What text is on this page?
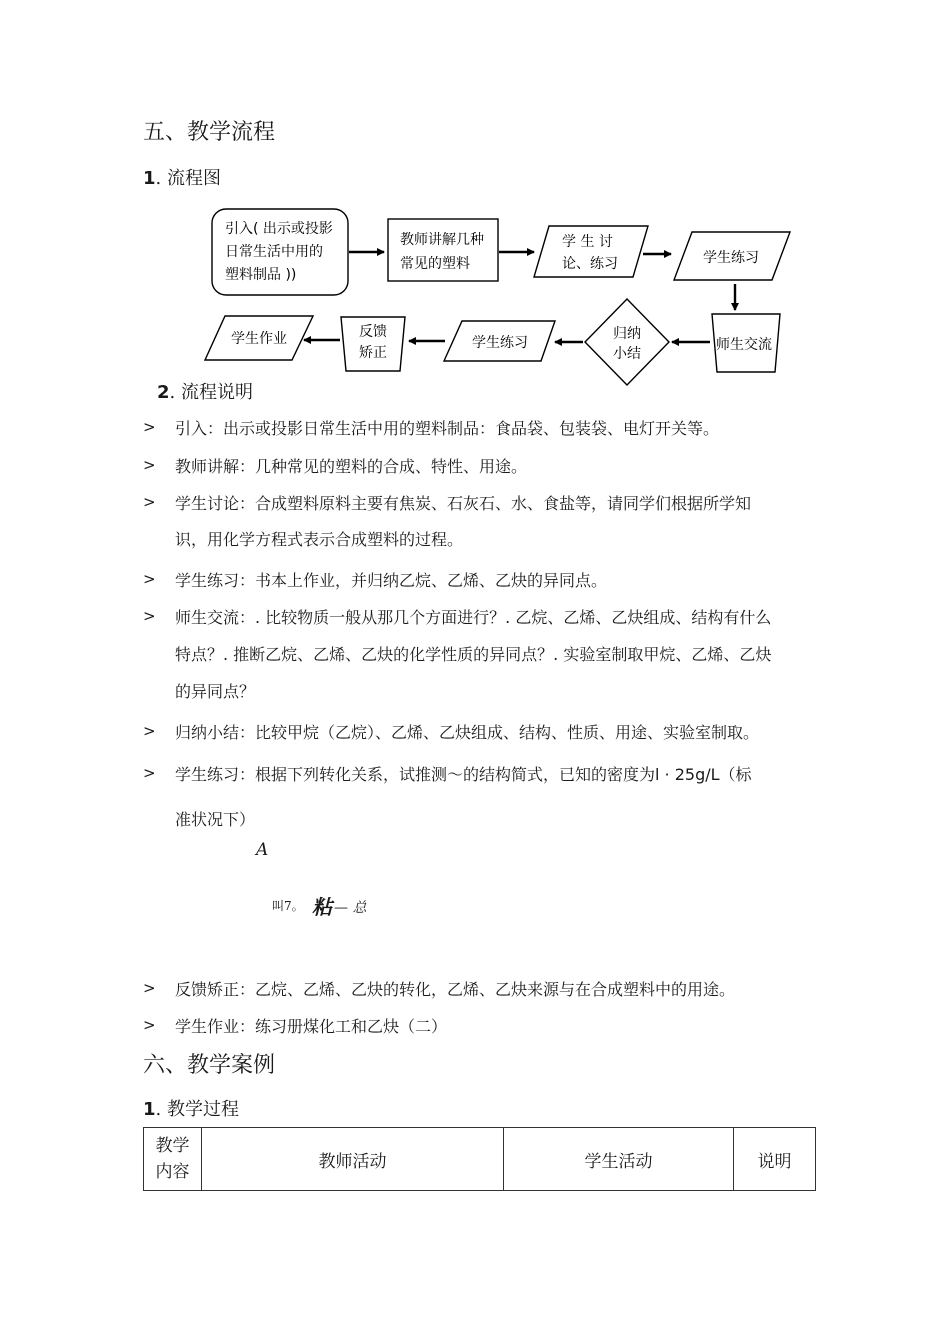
五、教学流程
1. 流程图
引入( 出示或投影
日常生活中用的
塑料制品 ))
教师讲解几种
常见的塑料
学 生 讨
论、练习	学生练习
师生交流
归纳
小结
学生练习
反馈
矫正
学生作业
2. 流程说明
> 引入：出示或投影日常生活中用的塑料制品：食品袋、包装袋、电灯开关等。
> 教师讲解：几种常见的塑料的合成、特性、用途。
> 学生讨论：合成塑料原料主要有焦炭、石灰石、水、食盐等，请同学们根据所学知
识，用化学方程式表示合成塑料的过程。
> 学生练习：书本上作业，并归纳乙烷、乙烯、乙炔的异同点。
> 师生交流：. 比较物质一般从那几个方面进行？. 乙烷、乙烯、乙炔组成、结构有什么
特点？. 推断乙烷、乙烯、乙炔的化学性质的异同点？. 实验室制取甲烷、乙烯、乙炔
的异同点？
> 归纳小结：比较甲烷（乙烷）、乙烯、乙炔组成、结构、性质、用途、实验室制取。
> 学生练习：根据下列转化关系，试推测～的结构简式，已知的密度为l · 25g/L（标
准状况下）
A
叫7。 粘 — 总
> 反馈矫正：乙烷、乙烯、乙炔的转化，乙烯、乙炔来源与在合成塑料中的用途。
> 学生作业：练习册煤化工和乙炔（二）
六、教学案例
1. 教学过程
教学
内容
	教师活动	学生活动	说明
